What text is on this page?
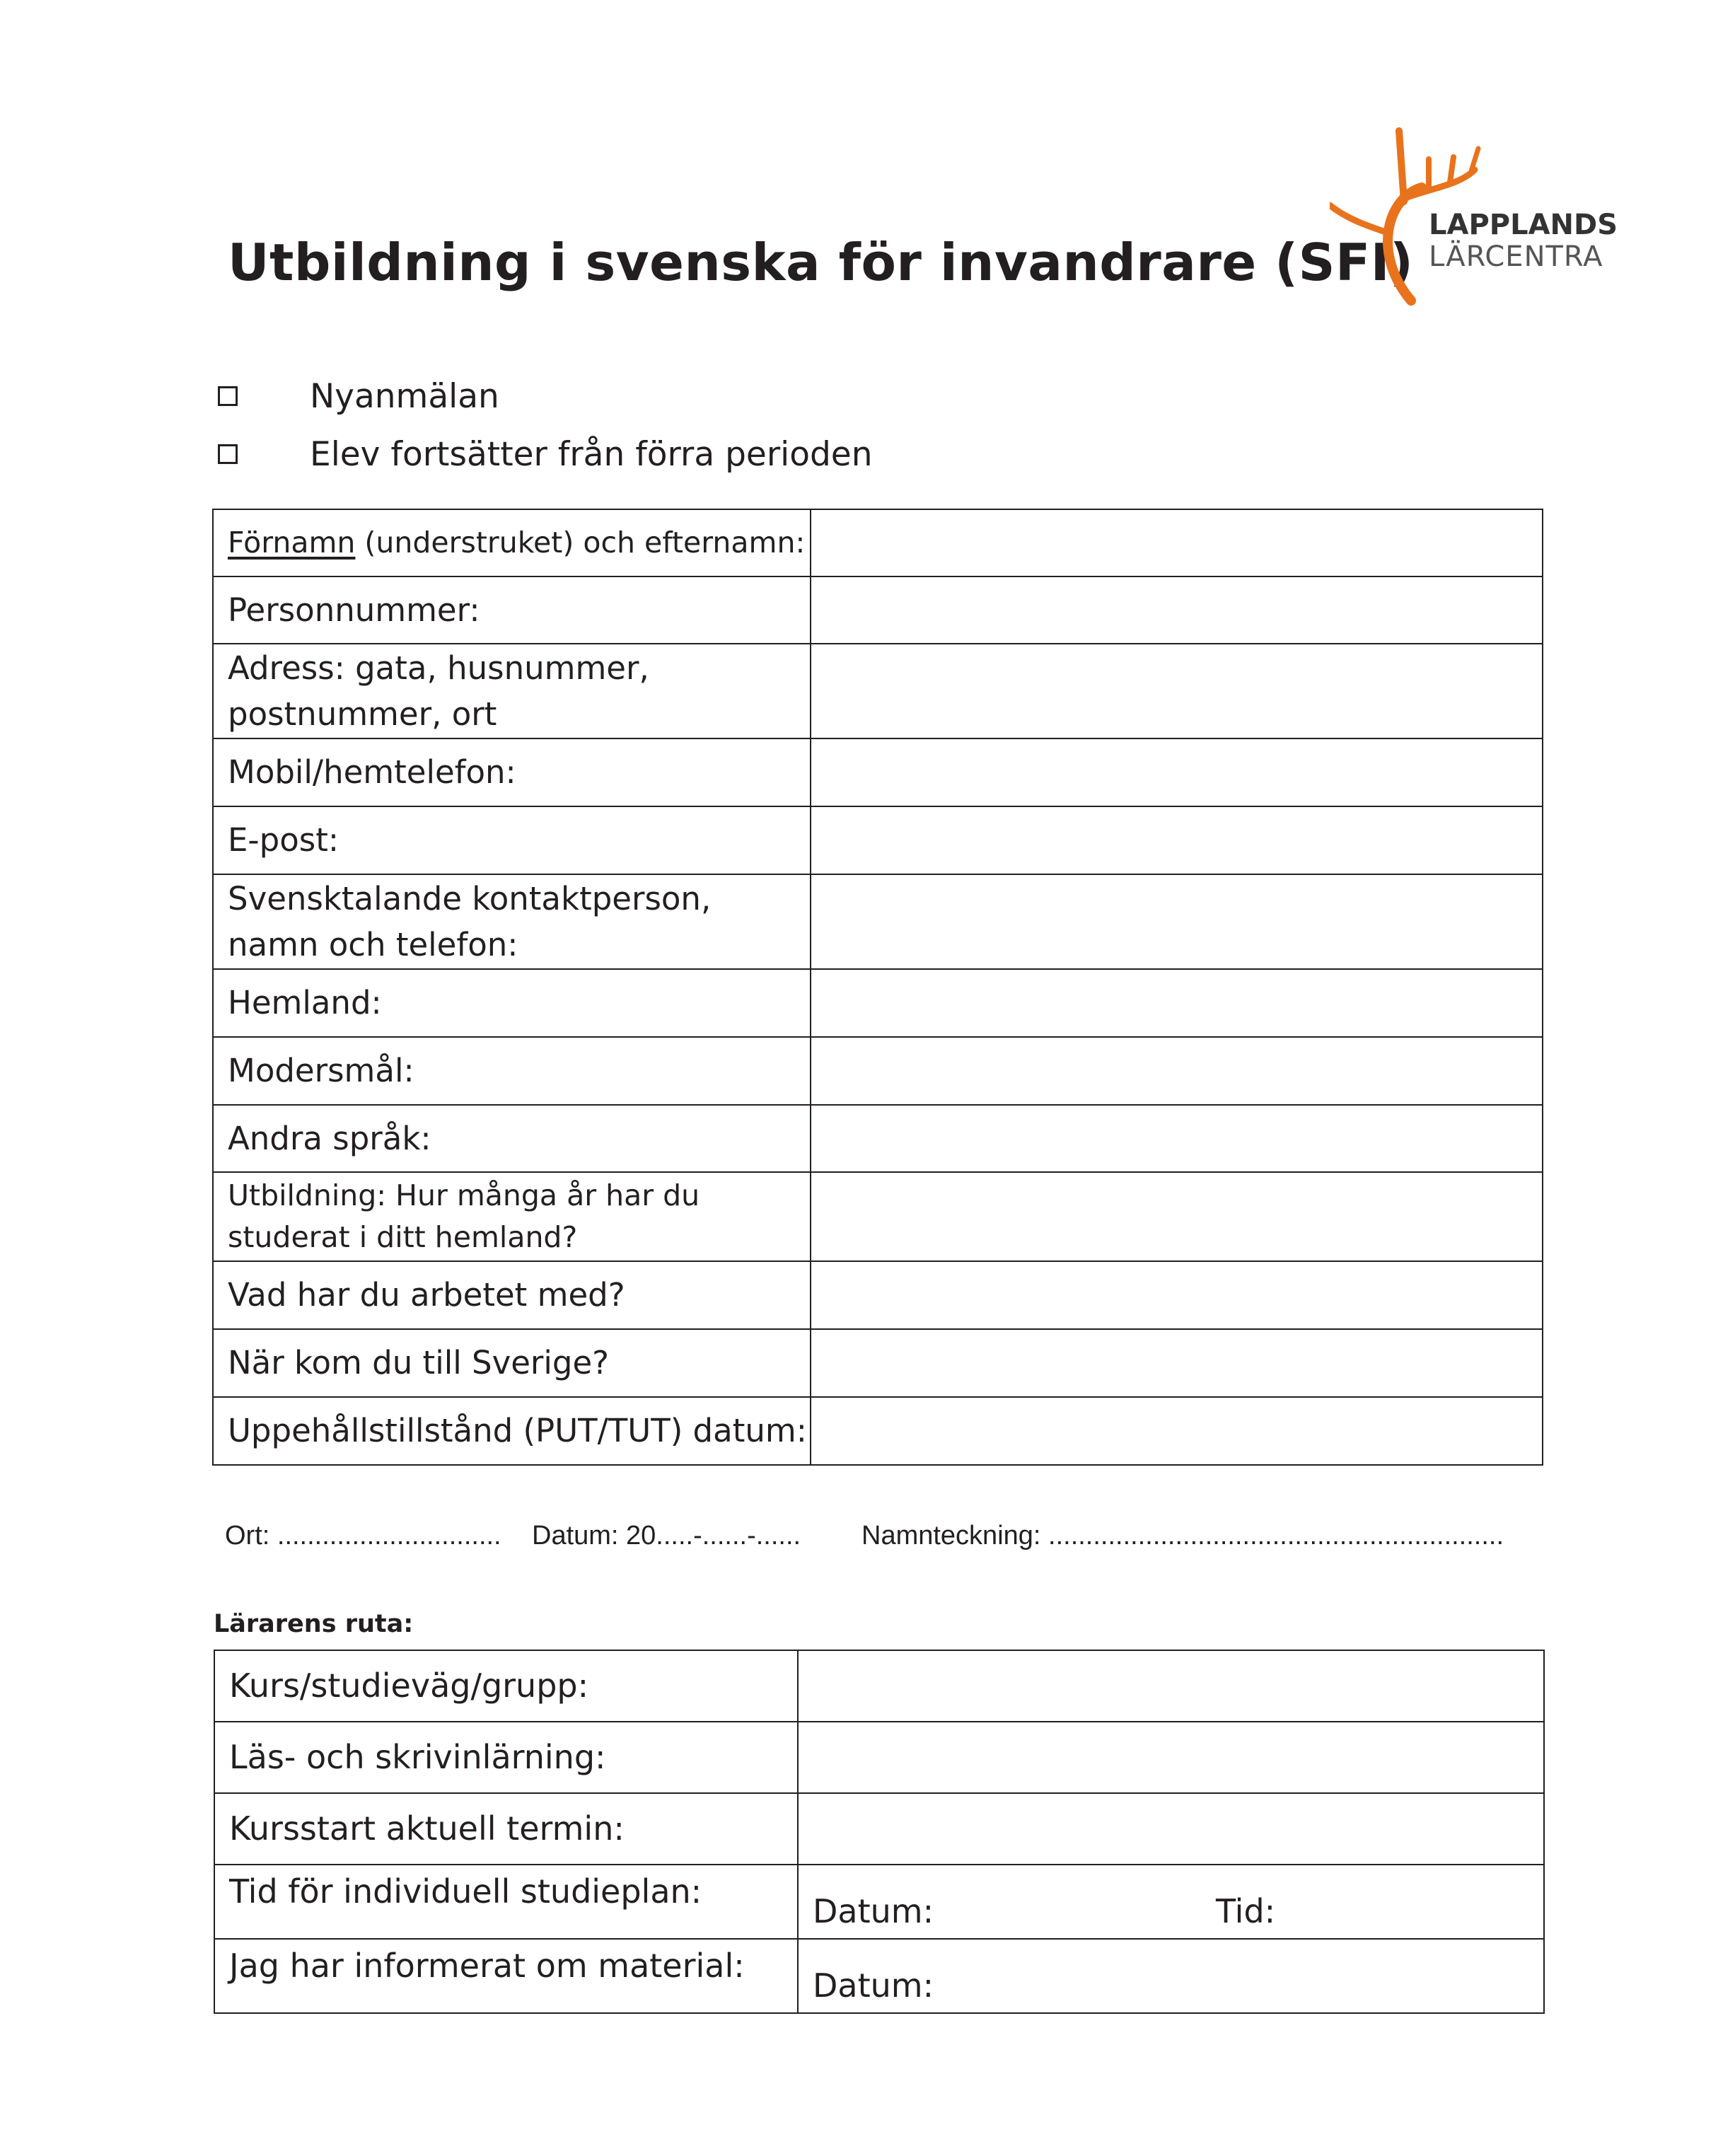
Utbildning i svenska för invandrare (SFI)
LAPPLANDS
LÄRCENTRA
Nyanmälan
Elev fortsätter från förra perioden
Förnamn (understruket) och efternamn:	
Personnummer:	
Adress: gata, husnummer, postnummer, ort	
Mobil/hemtelefon:	
E-post:	
Svensktalande kontaktperson, namn och telefon:	
Hemland:	
Modersmål:	
Andra språk:	
Utbildning: Hur många år har du studerat i ditt hemland?	
Vad har du arbetet med?	
När kom du till Sverige?	
Uppehållstillstånd (PUT/TUT) datum:	
Ort: .............................. Datum: 20.....-......-...... Namnteckning: .............................................................
Lärarens ruta:
Kurs/studieväg/grupp:	
Läs- och skrivinlärning:	
Kursstart aktuell termin:	
Tid för individuell studieplan:	Datum: Tid:
Jag har informerat om material:	Datum:
